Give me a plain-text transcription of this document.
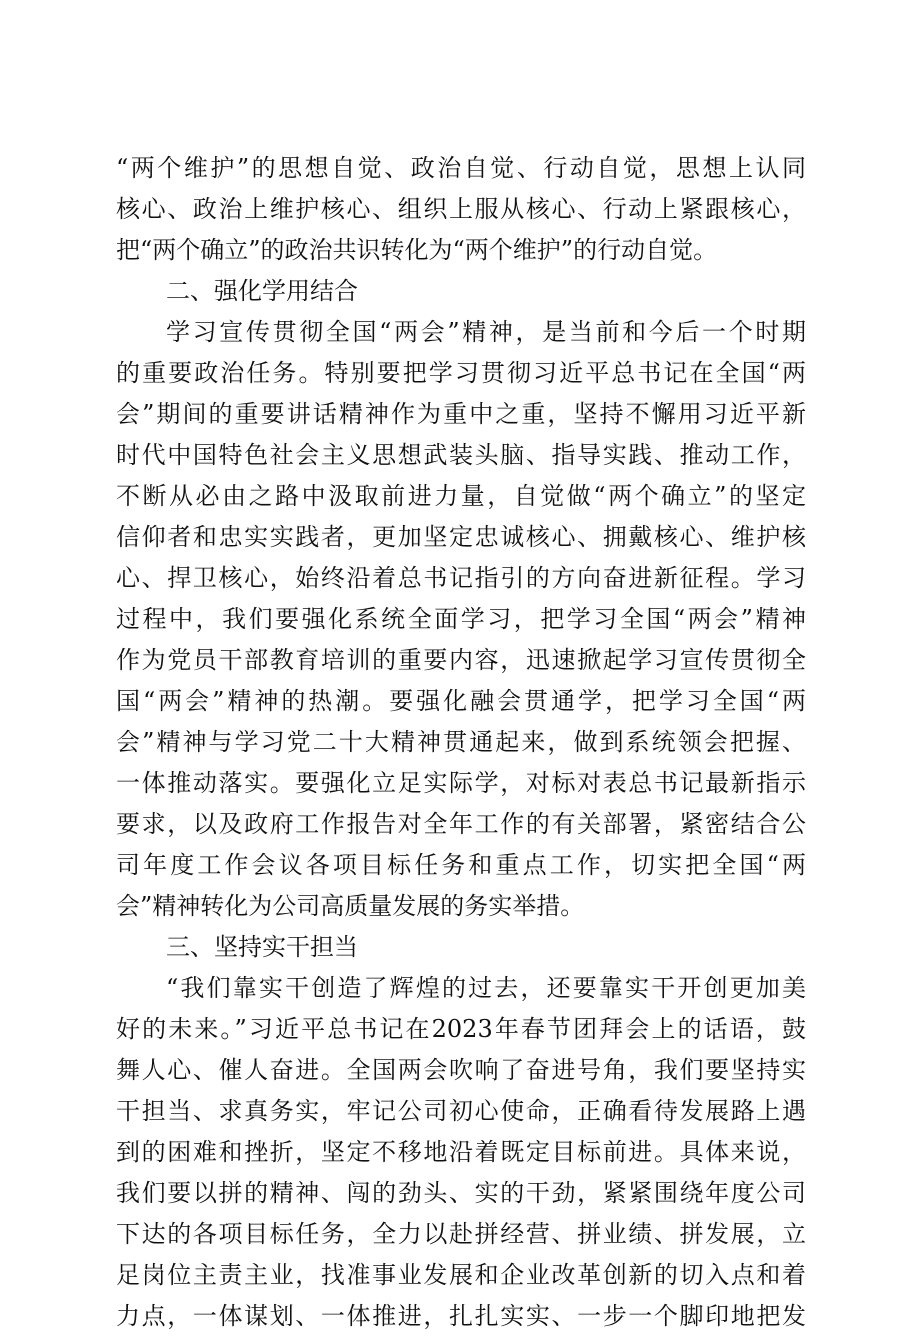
“两个维护”的思想自觉、政治自觉、行动自觉，思想上认同
核心、政治上维护核心、组织上服从核心、行动上紧跟核心，
把“两个确立”的政治共识转化为“两个维护”的行动自觉。
二、强化学用结合
学习宣传贯彻全国“两会”精神，是当前和今后一个时期
的重要政治任务。特别要把学习贯彻习近平总书记在全国“两
会”期间的重要讲话精神作为重中之重，坚持不懈用习近平新
时代中国特色社会主义思想武装头脑、指导实践、推动工作，
不断从必由之路中汲取前进力量，自觉做“两个确立”的坚定
信仰者和忠实实践者，更加坚定忠诚核心、拥戴核心、维护核
心、捍卫核心，始终沿着总书记指引的方向奋进新征程。学习
过程中，我们要强化系统全面学习，把学习全国“两会”精神
作为党员干部教育培训的重要内容，迅速掀起学习宣传贯彻全
国“两会”精神的热潮。要强化融会贯通学，把学习全国“两
会”精神与学习党二十大精神贯通起来，做到系统领会把握、
一体推动落实。要强化立足实际学，对标对表总书记最新指示
要求，以及政府工作报告对全年工作的有关部署，紧密结合公
司年度工作会议各项目标任务和重点工作，切实把全国“两
会”精神转化为公司高质量发展的务实举措。
三、坚持实干担当
“我们靠实干创造了辉煌的过去，还要靠实干开创更加美
好的未来。”习近平总书记在2023年春节团拜会上的话语，鼓
舞人心、催人奋进。全国两会吹响了奋进号角，我们要坚持实
干担当、求真务实，牢记公司初心使命，正确看待发展路上遇
到的困难和挫折，坚定不移地沿着既定目标前进。具体来说，
我们要以拼的精神、闯的劲头、实的干劲，紧紧围绕年度公司
下达的各项目标任务，全力以赴拼经营、拼业绩、拼发展，立
足岗位主责主业，找准事业发展和企业改革创新的切入点和着
力点，一体谋划、一体推进，扎扎实实、一步一个脚印地把发
